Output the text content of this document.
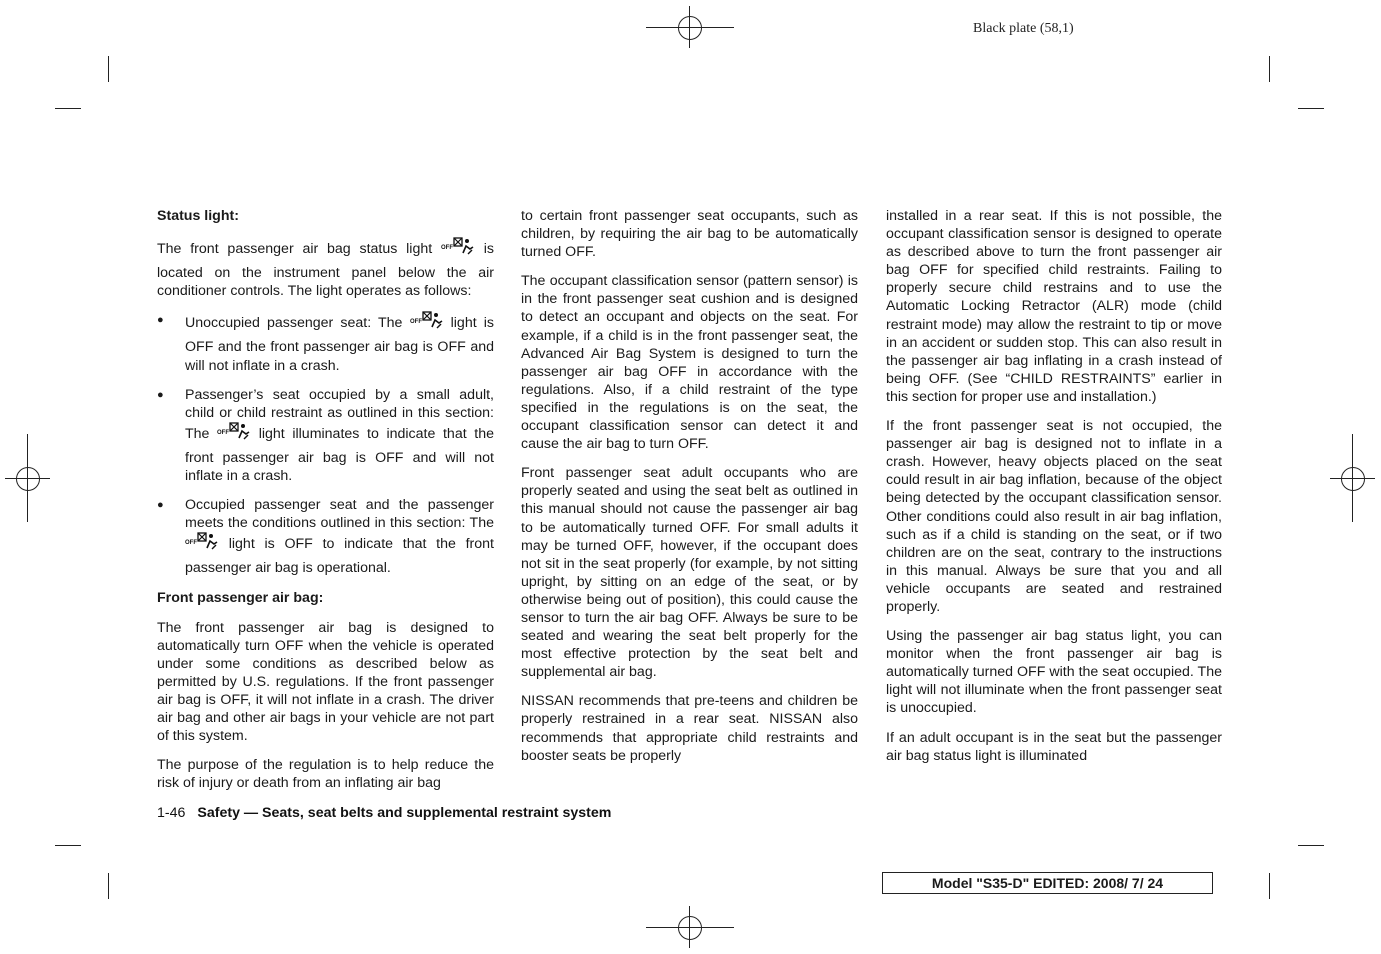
Black plate (58,1)
Status light:

The front passenger air bag status light OFF is located on the instrument panel below the air conditioner controls. The light operates as follows:

● Unoccupied passenger seat: The OFF light is OFF and the front passenger air bag is OFF and will not inflate in a crash.
● Passenger’s seat occupied by a small adult, child or child restraint as outlined in this section: The OFF light illuminates to indicate that the front passenger air bag is OFF and will not inflate in a crash.
● Occupied passenger seat and the passenger meets the conditions outlined in this section: The
OFF light is OFF to indicate that the front passenger air bag is operational.
Front passenger air bag:

The front passenger air bag is designed to automatically turn OFF when the vehicle is operated under some conditions as described below as permitted by U.S. regulations. If the front passenger air bag is OFF, it will not inflate in a crash. The driver air bag and other air bags in your vehicle are not part of this system.

The purpose of the regulation is to help reduce the risk of injury or death from an inflating air bag

to certain front passenger seat occupants, such as children, by requiring the air bag to be automatically turned OFF.

The occupant classification sensor (pattern sensor) is in the front passenger seat cushion and is designed to detect an occupant and objects on the seat. For example, if a child is in the front passenger seat, the Advanced Air Bag System is designed to turn the passenger air bag OFF in accordance with the regulations. Also, if a child restraint of the type specified in the regulations is on the seat, the occupant classification sensor can detect it and cause the air bag to turn OFF.

Front passenger seat adult occupants who are properly seated and using the seat belt as outlined in this manual should not cause the passenger air bag to be automatically turned OFF. For small adults it may be turned OFF, however, if the occupant does not sit in the seat properly (for example, by not sitting upright, by sitting on an edge of the seat, or by otherwise being out of position), this could cause the sensor to turn the air bag OFF. Always be sure to be seated and wearing the seat belt properly for the most effective protection by the seat belt and supplemental air bag.

NISSAN recommends that pre-teens and children be properly restrained in a rear seat. NISSAN also recommends that appropriate child restraints and booster seats be properly

installed in a rear seat. If this is not possible, the occupant classification sensor is designed to operate as described above to turn the front passenger air bag OFF for specified child restraints. Failing to properly secure child restrains and to use the Automatic Locking Retractor (ALR) mode (child restraint mode) may allow the restraint to tip or move in an accident or sudden stop. This can also result in the passenger air bag inflating in a crash instead of being OFF. (See “CHILD RESTRAINTS” earlier in this section for proper use and installation.)

If the front passenger seat is not occupied, the passenger air bag is designed not to inflate in a crash. However, heavy objects placed on the seat could result in air bag inflation, because of the object being detected by the occupant classification sensor. Other conditions could also result in air bag inflation, such as if a child is standing on the seat, or if two children are on the seat, contrary to the instructions in this manual. Always be sure that you and all vehicle occupants are seated and restrained properly.

Using the passenger air bag status light, you can monitor when the front passenger air bag is automatically turned OFF with the seat occupied. The light will not illuminate when the front passenger seat is unoccupied.

If an adult occupant is in the seat but the passenger air bag status light is illuminated

1-46 Safety — Seats, seat belts and supplemental restraint system
Model "S35-D" EDITED: 2008/ 7/ 24
